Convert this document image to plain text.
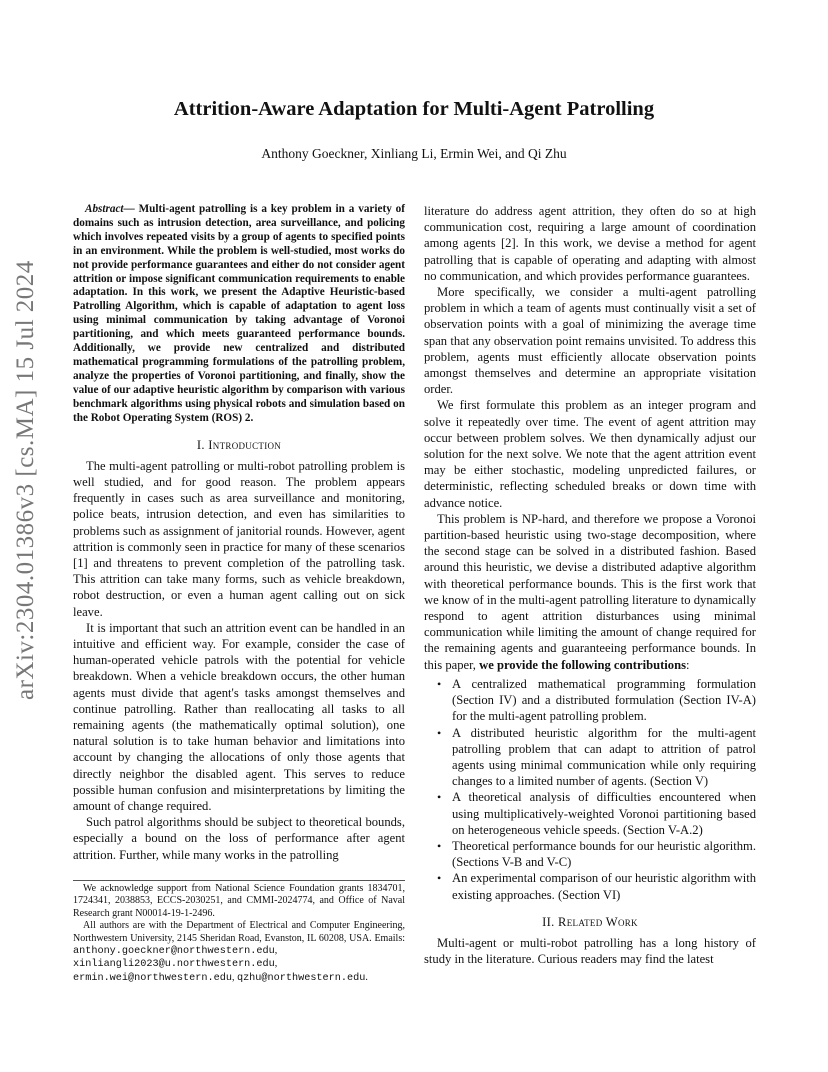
arXiv:2304.01386v3 [cs.MA] 15 Jul 2024
Attrition-Aware Adaptation for Multi-Agent Patrolling
Anthony Goeckner, Xinliang Li, Ermin Wei, and Qi Zhu

Abstract— Multi-agent patrolling is a key problem in a variety of domains such as intrusion detection, area surveillance, and policing which involves repeated visits by a group of agents to specified points in an environment. While the problem is well-studied, most works do not provide performance guarantees and either do not consider agent attrition or impose significant communication requirements to enable adaptation. In this work, we present the Adaptive Heuristic-based Patrolling Algorithm, which is capable of adaptation to agent loss using minimal communication by taking advantage of Voronoi partitioning, and which meets guaranteed performance bounds. Additionally, we provide new centralized and distributed mathematical programming formulations of the patrolling problem, analyze the properties of Voronoi partitioning, and finally, show the value of our adaptive heuristic algorithm by comparison with various benchmark algorithms using physical robots and simulation based on the Robot Operating System (ROS) 2.

I. Introduction

The multi-agent patrolling or multi-robot patrolling problem is well studied, and for good reason. The problem appears frequently in cases such as area surveillance and monitoring, police beats, intrusion detection, and even has similarities to problems such as assignment of janitorial rounds. However, agent attrition is commonly seen in practice for many of these scenarios [1] and threatens to prevent completion of the patrolling task. This attrition can take many forms, such as vehicle breakdown, robot destruction, or even a human agent calling out on sick leave.

It is important that such an attrition event can be handled in an intuitive and efficient way. For example, consider the case of human-operated vehicle patrols with the potential for vehicle breakdown. When a vehicle breakdown occurs, the other human agents must divide that agent's tasks amongst themselves and continue patrolling. Rather than reallocating all tasks to all remaining agents (the mathematically optimal solution), one natural solution is to take human behavior and limitations into account by changing the allocations of only those agents that directly neighbor the disabled agent. This serves to reduce possible human confusion and misinterpretations by limiting the amount of change required.

Such patrol algorithms should be subject to theoretical bounds, especially a bound on the loss of performance after agent attrition. Further, while many works in the patrolling

We acknowledge support from National Science Foundation grants 1834701, 1724341, 2038853, ECCS-2030251, and CMMI-2024774, and Office of Naval Research grant N00014-19-1-2496.

All authors are with the Department of Electrical and Computer Engineering, Northwestern University, 2145 Sheridan Road, Evanston, IL 60208, USA. Emails: anthony.goeckner@northwestern.edu, xinliangli2023@u.northwestern.edu, ermin.wei@northwestern.edu, qzhu@northwestern.edu.

literature do address agent attrition, they often do so at high communication cost, requiring a large amount of coordination among agents [2]. In this work, we devise a method for agent patrolling that is capable of operating and adapting with almost no communication, and which provides performance guarantees.

More specifically, we consider a multi-agent patrolling problem in which a team of agents must continually visit a set of observation points with a goal of minimizing the average time span that any observation point remains unvisited. To address this problem, agents must efficiently allocate observation points amongst themselves and determine an appropriate visitation order.

We first formulate this problem as an integer program and solve it repeatedly over time. The event of agent attrition may occur between problem solves. We then dynamically adjust our solution for the next solve. We note that the agent attrition event may be either stochastic, modeling unpredicted failures, or deterministic, reflecting scheduled breaks or down time with advance notice.

This problem is NP-hard, and therefore we propose a Voronoi partition-based heuristic using two-stage decomposition, where the second stage can be solved in a distributed fashion. Based around this heuristic, we devise a distributed adaptive algorithm with theoretical performance bounds. This is the first work that we know of in the multi-agent patrolling literature to dynamically respond to agent attrition disturbances using minimal communication while limiting the amount of change required for the remaining agents and guaranteeing performance bounds. In this paper, we provide the following contributions:

• A centralized mathematical programming formulation (Section IV) and a distributed formulation (Section IV-A) for the multi-agent patrolling problem.
• A distributed heuristic algorithm for the multi-agent patrolling problem that can adapt to attrition of patrol agents using minimal communication while only requiring changes to a limited number of agents. (Section V)
• A theoretical analysis of difficulties encountered when using multiplicatively-weighted Voronoi partitioning based on heterogeneous vehicle speeds. (Section V-A.2)
• Theoretical performance bounds for our heuristic algorithm. (Sections V-B and V-C)
• An experimental comparison of our heuristic algorithm with existing approaches. (Section VI)
II. Related Work

Multi-agent or multi-robot patrolling has a long history of study in the literature. Curious readers may find the latest
